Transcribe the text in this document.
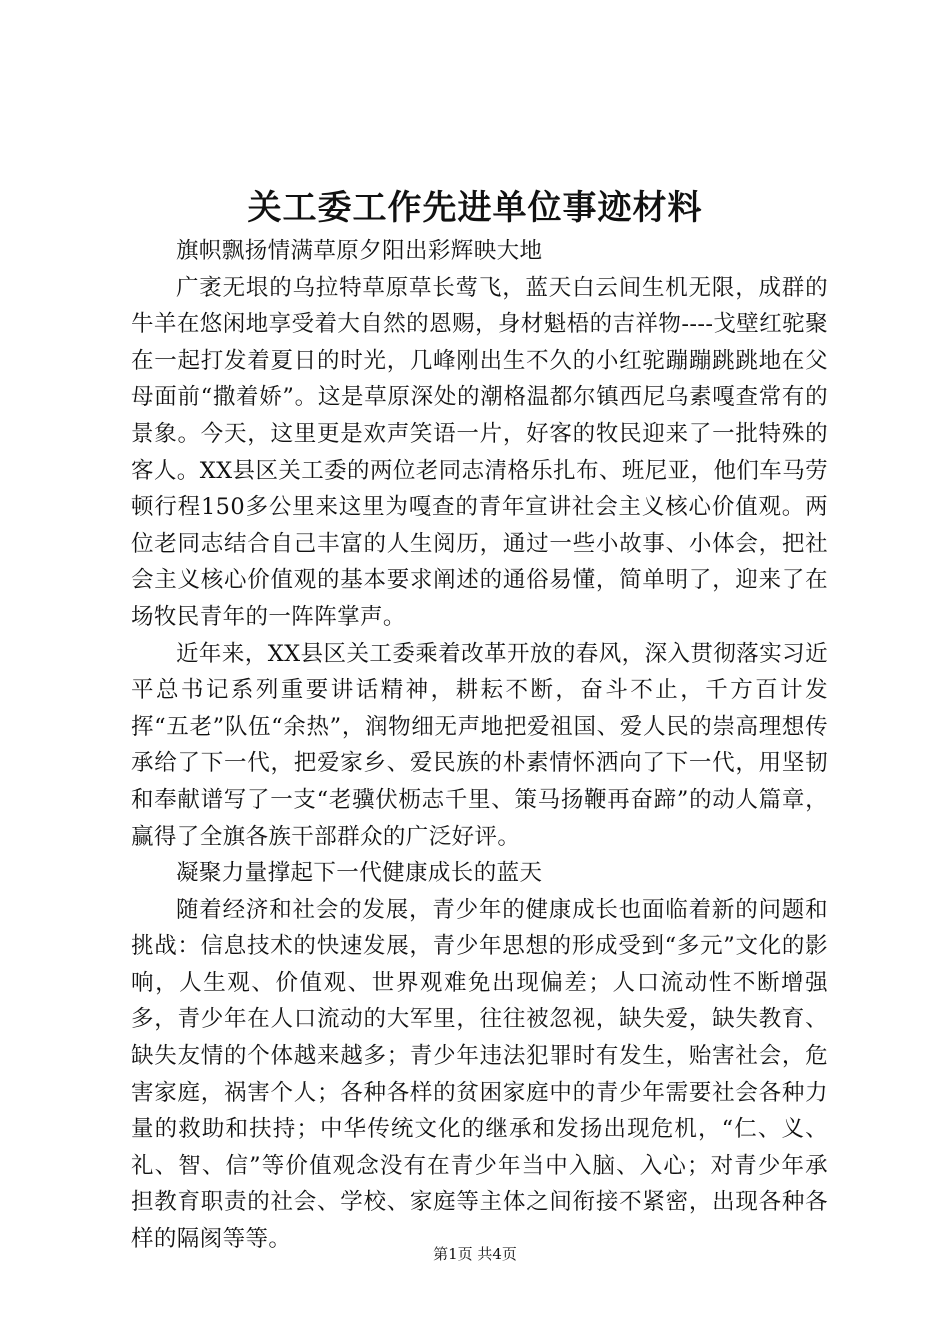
关工委工作先进单位事迹材料

旗帜飘扬情满草原夕阳出彩辉映大地

广袤无垠的乌拉特草原草长莺飞，蓝天白云间生机无限，成群的牛羊在悠闲地享受着大自然的恩赐，身材魁梧的吉祥物----戈壁红驼聚在一起打发着夏日的时光，几峰刚出生不久的小红驼蹦蹦跳跳地在父母面前“撒着娇”。这是草原深处的潮格温都尔镇西尼乌素嘎查常有的景象。今天，这里更是欢声笑语一片，好客的牧民迎来了一批特殊的客人。XX县区关工委的两位老同志清格乐扎布、班尼亚，他们车马劳顿行程150多公里来这里为嘎查的青年宣讲社会主义核心价值观。两位老同志结合自己丰富的人生阅历，通过一些小故事、小体会，把社会主义核心价值观的基本要求阐述的通俗易懂，简单明了，迎来了在场牧民青年的一阵阵掌声。

近年来，XX县区关工委乘着改革开放的春风，深入贯彻落实习近平总书记系列重要讲话精神，耕耘不断，奋斗不止，千方百计发挥“五老”队伍“余热”，润物细无声地把爱祖国、爱人民的崇高理想传承给了下一代，把爱家乡、爱民族的朴素情怀洒向了下一代，用坚韧和奉献谱写了一支“老骥伏枥志千里、策马扬鞭再奋蹄”的动人篇章，赢得了全旗各族干部群众的广泛好评。

凝聚力量撑起下一代健康成长的蓝天

随着经济和社会的发展，青少年的健康成长也面临着新的问题和挑战：信息技术的快速发展，青少年思想的形成受到“多元”文化的影响，人生观、价值观、世界观难免出现偏差；人口流动性不断增强多，青少年在人口流动的大军里，往往被忽视，缺失爱，缺失教育、缺失友情的个体越来越多；青少年违法犯罪时有发生，贻害社会，危害家庭，祸害个人；各种各样的贫困家庭中的青少年需要社会各种力量的救助和扶持；中华传统文化的继承和发扬出现危机，“仁、义、礼、智、信”等价值观念没有在青少年当中入脑、入心；对青少年承担教育职责的社会、学校、家庭等主体之间衔接不紧密，出现各种各样的隔阂等等。

第1页 共4页
